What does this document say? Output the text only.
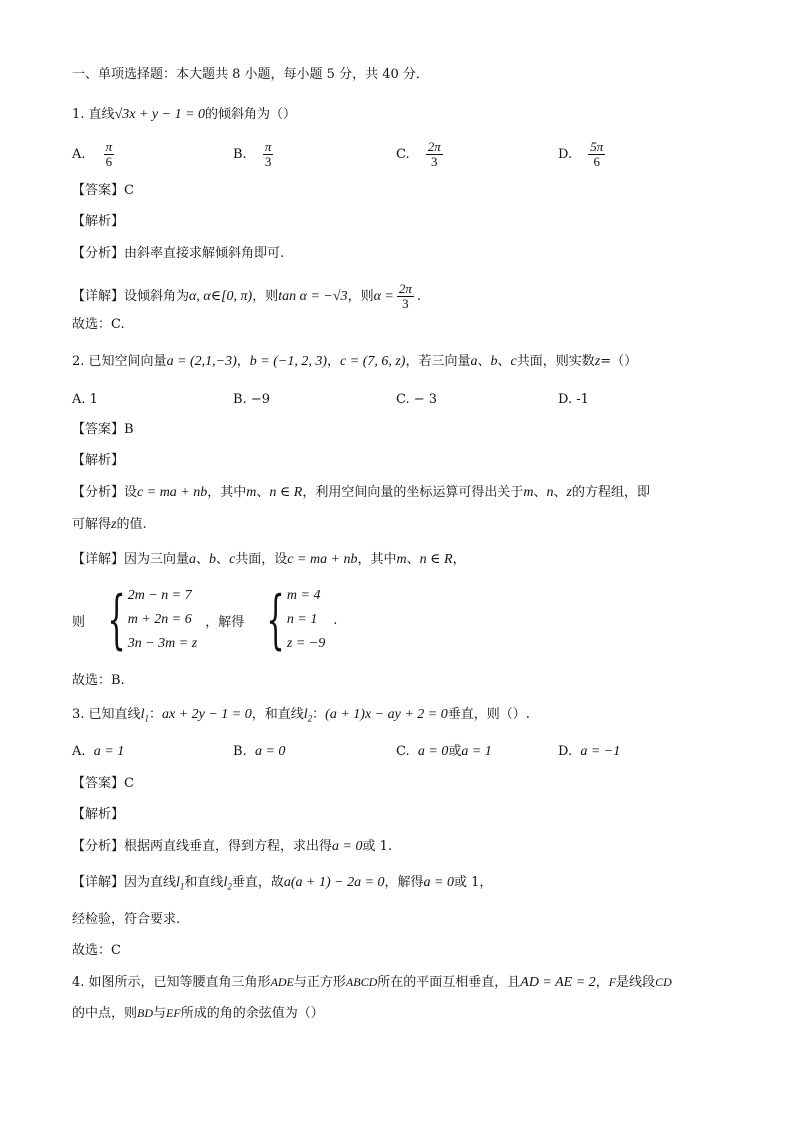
一、单项选择题：本大题共 8 小题，每小题 5 分，共 40 分．
1. 直线√3x + y − 1 = 0的倾斜角为（）
A. $\frac{\pi}{6}$	B. $\frac{\pi}{3}$	C. $\frac{2\pi}{3}$	D. $\frac{5\pi}{6}$
【答案】C
【解析】
【分析】由斜率直接求解倾斜角即可.
【详解】设倾斜角为α, α∈[0, π)，则tan α = −√3，则$\alpha = \frac{2\pi}{3}$ .
故选：C.
2. 已知空间向量a = (2,1,−3)，b = (−1, 2, 3)，c = (7, 6, z)，若三向量a、b、c共面，则实数z=（）
A. 1	B. −9	C. − 3	D. -1
【答案】B
【解析】
【分析】设c = ma + nb，其中m、n ∈ R，利用空间向量的坐标运算可得出关于m、n、z的方程组，即
可解得z的值.
【详解】因为三向量a、b、c共面，设c = ma + nb，其中m、n ∈ R，
则 { 2m − n = 7
m + 2n = 6
3n − 3m = z
，解得 { m = 4
n = 1
z = −9
.
故选：B.
3. 已知直线$l_1$：ax + 2y − 1 = 0，和直线$l_2$：(a + 1)x − ay + 2 = 0垂直，则（）.
A. a = 1	B. a = 0	C. a = 0或a = 1	D. a = −1
【答案】C
【解析】
【分析】根据两直线垂直，得到方程，求出得a = 0或 1.
【详解】因为直线$l_1$和直线$l_2$垂直，故a(a + 1) − 2a = 0，解得a = 0或 1，
经检验，符合要求.
故选：C
4. 如图所示，已知等腰直角三角形ADE与正方形ABCD所在的平面互相垂直，且AD = AE = 2，F是线段CD
的中点，则BD与EF所成的角的余弦值为（）
